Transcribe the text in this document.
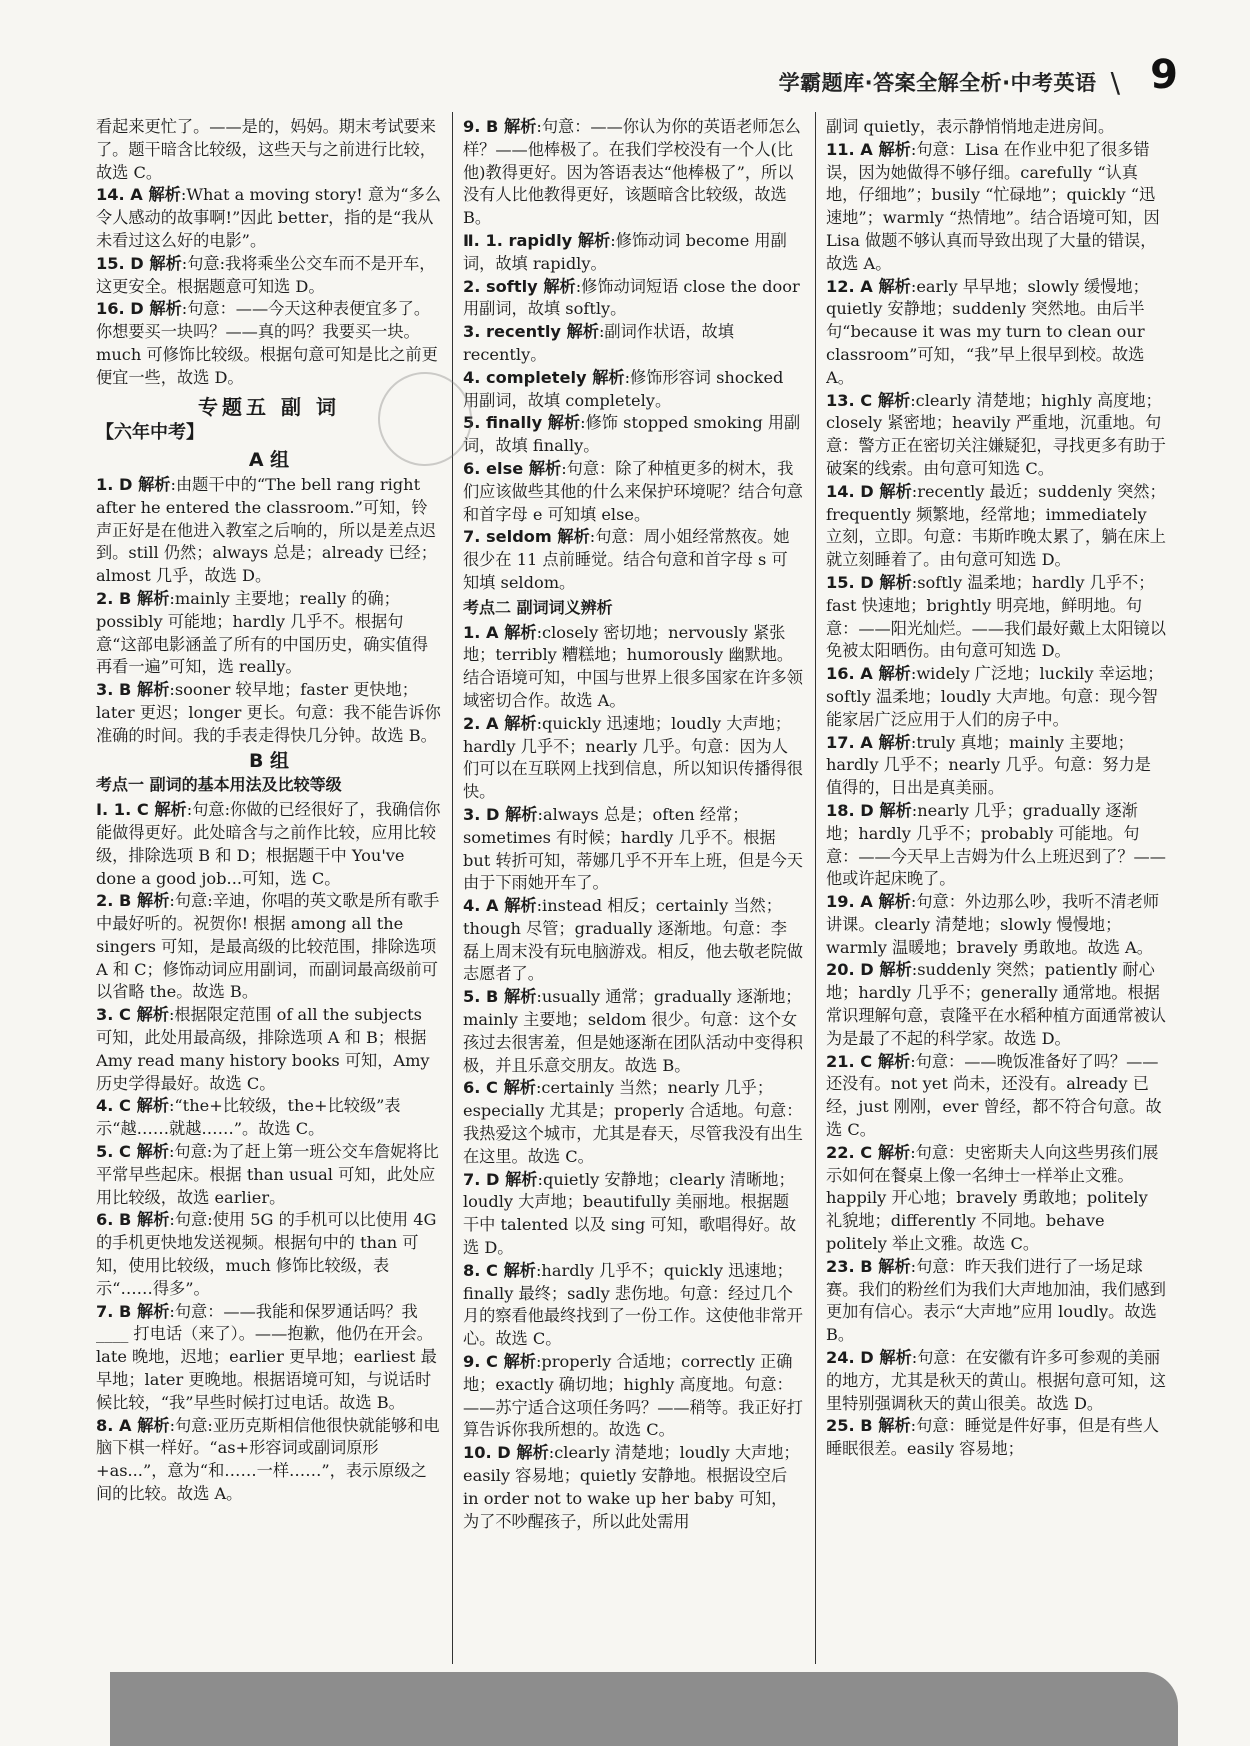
学霸题库·答案全解全析·中考英语 \ 9

看起来更忙了。——是的，妈妈。期末考试要来了。题干暗含比较级，这些天与之前进行比较，故选 C。

14. A 解析:What a moving story! 意为“多么令人感动的故事啊!”因此 better，指的是“我从未看过这么好的电影”。

15. D 解析:句意:我将乘坐公交车而不是开车，这更安全。根据题意可知选 D。

16. D 解析:句意：——今天这种表便宜多了。你想要买一块吗？——真的吗？我要买一块。much 可修饰比较级。根据句意可知是比之前更便宜一些，故选 D。

专题五 副 词
【六年中考】
A 组

1. D 解析:由题干中的“The bell rang right after he entered the classroom.”可知，铃声正好是在他进入教室之后响的，所以是差点迟到。still 仍然；always 总是；already 已经；almost 几乎，故选 D。

2. B 解析:mainly 主要地；really 的确；possibly 可能地；hardly 几乎不。根据句意“这部电影涵盖了所有的中国历史，确实值得再看一遍”可知，选 really。

3. B 解析:sooner 较早地；faster 更快地；later 更迟；longer 更长。句意：我不能告诉你准确的时间。我的手表走得快几分钟。故选 B。

B 组
考点一 副词的基本用法及比较等级

Ⅰ. 1. C 解析:句意:你做的已经很好了，我确信你能做得更好。此处暗含与之前作比较，应用比较级，排除选项 B 和 D；根据题干中 You've done a good job...可知，选 C。

2. B 解析:句意:辛迪，你唱的英文歌是所有歌手中最好听的。祝贺你! 根据 among all the singers 可知，是最高级的比较范围，排除选项 A 和 C；修饰动词应用副词，而副词最高级前可以省略 the。故选 B。

3. C 解析:根据限定范围 of all the subjects 可知，此处用最高级，排除选项 A 和 B；根据 Amy read many history books 可知，Amy 历史学得最好。故选 C。

4. C 解析:“the+比较级，the+比较级”表示“越……就越……”。故选 C。

5. C 解析:句意:为了赶上第一班公交车詹妮将比平常早些起床。根据 than usual 可知，此处应用比较级，故选 earlier。

6. B 解析:句意:使用 5G 的手机可以比使用 4G 的手机更快地发送视频。根据句中的 than 可知，使用比较级，much 修饰比较级，表示“……得多”。

7. B 解析:句意：——我能和保罗通话吗？我 ____ 打电话（来了）。——抱歉，他仍在开会。late 晚地，迟地；earlier 更早地；earliest 最早地；later 更晚地。根据语境可知，与说话时候比较，“我”早些时候打过电话。故选 B。

8. A 解析:句意:亚历克斯相信他很快就能够和电脑下棋一样好。“as+形容词或副词原形+as...”，意为“和……一样……”，表示原级之间的比较。故选 A。

9. B 解析:句意：——你认为你的英语老师怎么样？——他棒极了。在我们学校没有一个人(比他)教得更好。因为答语表达“他棒极了”，所以没有人比他教得更好，该题暗含比较级，故选 B。

Ⅱ. 1. rapidly 解析:修饰动词 become 用副词，故填 rapidly。

2. softly 解析:修饰动词短语 close the door 用副词，故填 softly。

3. recently 解析:副词作状语，故填 recently。

4. completely 解析:修饰形容词 shocked 用副词，故填 completely。

5. finally 解析:修饰 stopped smoking 用副词，故填 finally。

6. else 解析:句意：除了种植更多的树木，我们应该做些其他的什么来保护环境呢？结合句意和首字母 e 可知填 else。

7. seldom 解析:句意：周小姐经常熬夜。她很少在 11 点前睡觉。结合句意和首字母 s 可知填 seldom。

考点二 副词词义辨析

1. A 解析:closely 密切地；nervously 紧张地；terribly 糟糕地；humorously 幽默地。结合语境可知，中国与世界上很多国家在许多领域密切合作。故选 A。

2. A 解析:quickly 迅速地；loudly 大声地；hardly 几乎不；nearly 几乎。句意：因为人们可以在互联网上找到信息，所以知识传播得很快。

3. D 解析:always 总是；often 经常；sometimes 有时候；hardly 几乎不。根据 but 转折可知，蒂娜几乎不开车上班，但是今天由于下雨她开车了。

4. A 解析:instead 相反；certainly 当然；though 尽管；gradually 逐渐地。句意：李磊上周末没有玩电脑游戏。相反，他去敬老院做志愿者了。

5. B 解析:usually 通常；gradually 逐渐地；mainly 主要地；seldom 很少。句意：这个女孩过去很害羞，但是她逐渐在团队活动中变得积极，并且乐意交朋友。故选 B。

6. C 解析:certainly 当然；nearly 几乎；especially 尤其是；properly 合适地。句意：我热爱这个城市，尤其是春天，尽管我没有出生在这里。故选 C。

7. D 解析:quietly 安静地；clearly 清晰地；loudly 大声地；beautifully 美丽地。根据题干中 talented 以及 sing 可知，歌唱得好。故选 D。

8. C 解析:hardly 几乎不；quickly 迅速地；finally 最终；sadly 悲伤地。句意：经过几个月的察看他最终找到了一份工作。这使他非常开心。故选 C。

9. C 解析:properly 合适地；correctly 正确地；exactly 确切地；highly 高度地。句意：——苏宁适合这项任务吗？——稍等。我正好打算告诉你我所想的。故选 C。

10. D 解析:clearly 清楚地；loudly 大声地；easily 容易地；quietly 安静地。根据设空后 in order not to wake up her baby 可知，为了不吵醒孩子，所以此处需用

副词 quietly，表示静悄悄地走进房间。

11. A 解析:句意：Lisa 在作业中犯了很多错误，因为她做得不够仔细。carefully “认真地，仔细地”；busily “忙碌地”；quickly “迅速地”；warmly “热情地”。结合语境可知，因 Lisa 做题不够认真而导致出现了大量的错误，故选 A。

12. A 解析:early 早早地；slowly 缓慢地；quietly 安静地；suddenly 突然地。由后半句“because it was my turn to clean our classroom”可知，“我”早上很早到校。故选 A。

13. C 解析:clearly 清楚地；highly 高度地；closely 紧密地；heavily 严重地，沉重地。句意：警方正在密切关注嫌疑犯，寻找更多有助于破案的线索。由句意可知选 C。

14. D 解析:recently 最近；suddenly 突然；frequently 频繁地，经常地；immediately 立刻，立即。句意：韦斯昨晚太累了，躺在床上就立刻睡着了。由句意可知选 D。

15. D 解析:softly 温柔地；hardly 几乎不；fast 快速地；brightly 明亮地，鲜明地。句意：——阳光灿烂。——我们最好戴上太阳镜以免被太阳晒伤。由句意可知选 D。

16. A 解析:widely 广泛地；luckily 幸运地；softly 温柔地；loudly 大声地。句意：现今智能家居广泛应用于人们的房子中。

17. A 解析:truly 真地；mainly 主要地；hardly 几乎不；nearly 几乎。句意：努力是值得的，日出是真美丽。

18. D 解析:nearly 几乎；gradually 逐渐地；hardly 几乎不；probably 可能地。句意：——今天早上吉姆为什么上班迟到了？——他或许起床晚了。

19. A 解析:句意：外边那么吵，我听不清老师讲课。clearly 清楚地；slowly 慢慢地；warmly 温暖地；bravely 勇敢地。故选 A。

20. D 解析:suddenly 突然；patiently 耐心地；hardly 几乎不；generally 通常地。根据常识理解句意，袁隆平在水稻种植方面通常被认为是最了不起的科学家。故选 D。

21. C 解析:句意：——晚饭准备好了吗？——还没有。not yet 尚未，还没有。already 已经，just 刚刚，ever 曾经，都不符合句意。故选 C。

22. C 解析:句意：史密斯夫人向这些男孩们展示如何在餐桌上像一名绅士一样举止文雅。happily 开心地；bravely 勇敢地；politely 礼貌地；differently 不同地。behave politely 举止文雅。故选 C。

23. B 解析:句意：昨天我们进行了一场足球赛。我们的粉丝们为我们大声地加油，我们感到更加有信心。表示“大声地”应用 loudly。故选 B。

24. D 解析:句意：在安徽有许多可参观的美丽的地方，尤其是秋天的黄山。根据句意可知，这里特别强调秋天的黄山很美。故选 D。

25. B 解析:句意：睡觉是件好事，但是有些人睡眠很差。easily 容易地；
